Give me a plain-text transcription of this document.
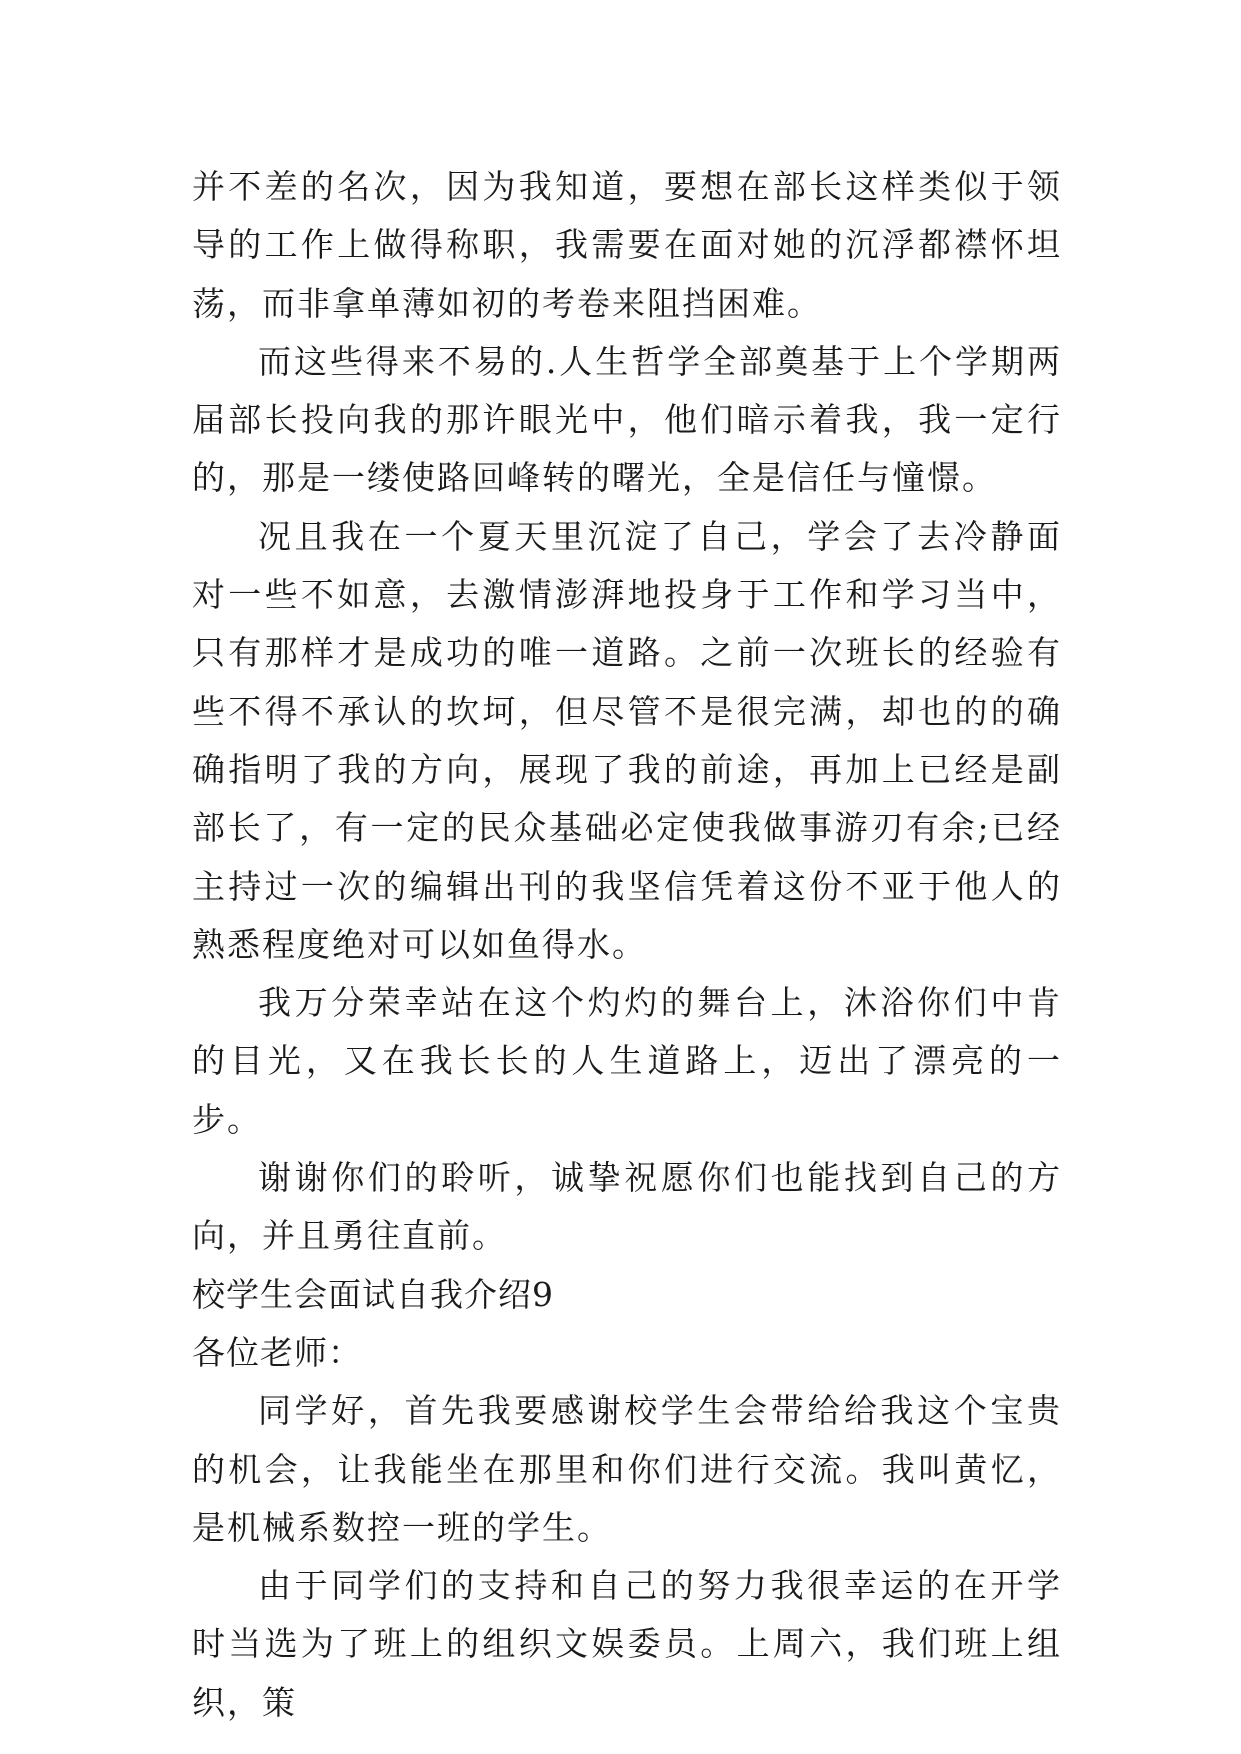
并不差的名次，因为我知道，要想在部长这样类似于领导的工作上做得称职，我需要在面对她的沉浮都襟怀坦荡，而非拿单薄如初的考卷来阻挡困难。

而这些得来不易的.人生哲学全部奠基于上个学期两届部长投向我的那许眼光中，他们暗示着我，我一定行的，那是一缕使路回峰转的曙光，全是信任与憧憬。

况且我在一个夏天里沉淀了自己，学会了去冷静面对一些不如意，去激情澎湃地投身于工作和学习当中，只有那样才是成功的唯一道路。之前一次班长的经验有些不得不承认的坎坷，但尽管不是很完满，却也的的确确指明了我的方向，展现了我的前途，再加上已经是副部长了，有一定的民众基础必定使我做事游刃有余;已经主持过一次的编辑出刊的我坚信凭着这份不亚于他人的熟悉程度绝对可以如鱼得水。

我万分荣幸站在这个灼灼的舞台上，沐浴你们中肯的目光，又在我长长的人生道路上，迈出了漂亮的一步。

谢谢你们的聆听，诚挚祝愿你们也能找到自己的方向，并且勇往直前。

校学生会面试自我介绍9

各位老师：

同学好，首先我要感谢校学生会带给给我这个宝贵的机会，让我能坐在那里和你们进行交流。我叫黄忆，是机械系数控一班的学生。

由于同学们的支持和自己的努力我很幸运的在开学时当选为了班上的组织文娱委员。上周六，我们班上组织，策
